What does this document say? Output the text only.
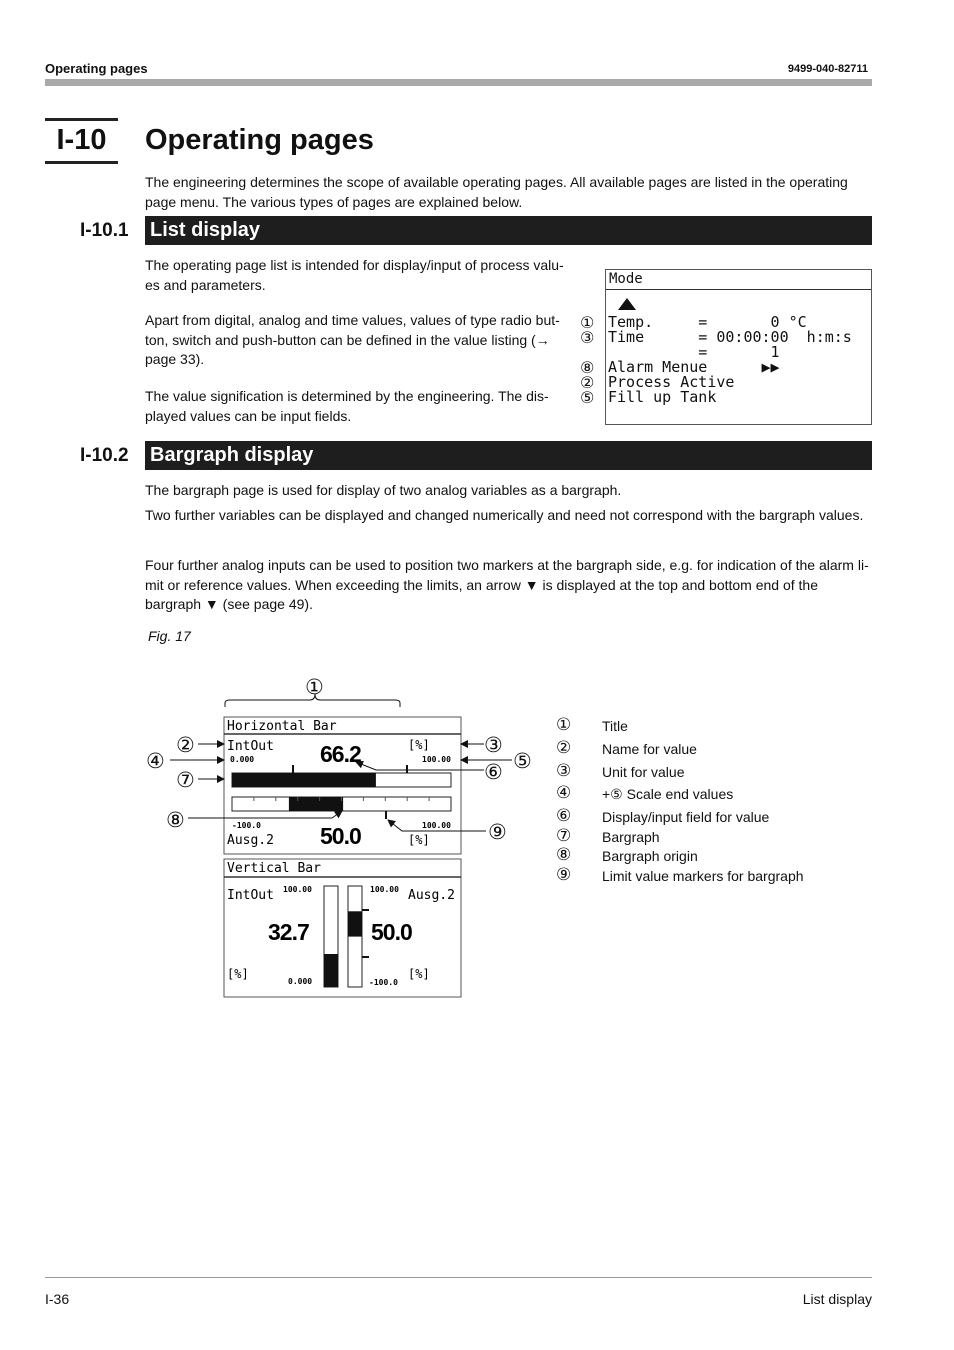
Operating pages	9499-040-82711
I-10	Operating pages
The engineering determines the scope of available operating pages. All available pages are listed in the operating page menu. The various types of pages are explained below.
I-10.1 List display
The operating page list is intended for display/input of process valu-es and parameters.
Apart from digital, analog and time values, values of type radio but-ton, switch and push-button can be defined in the value listing (→ page 33).
The value signification is determined by the engineering. The dis-played values can be input fields.
Mode
① Temp.     =       0 °C
③ Time      = 00:00:00  h:m:s
=       1
⑧ Alarm Menue      ▶▶
② Process Active
⑤ Fill up Tank
I-10.2 Bargraph display
The bargraph page is used for display of two analog variables as a bargraph.
Two further variables can be displayed and changed numerically and need not correspond with the bargraph values.
Four further analog inputs can be used to position two markers at the bargraph side, e.g. for indication of the alarm li-mit or reference values. When exceeding the limits, an arrow ▼ is displayed at the top and bottom end of the bargraph ▼ (see page 49).
Fig. 17
Horizontal Bar
IntOut	[%]
0.000	100.00
66.2
-100.0	100.00
Ausg.2 50.0	[%]
Vertical Bar
IntOut 100.00	100.00 Ausg.2
32.7	50.0
[%]
0.000	-100.0
[%]
①
②	③
④	⑤
⑥
⑦
⑧	⑨
① Title
② Name for value
③ Unit for value
④ +⑤ Scale end values
⑥ Display/input field for value
⑦ Bargraph
⑧ Bargraph origin
⑨ Limit value markers for bargraph
I-36	List display
